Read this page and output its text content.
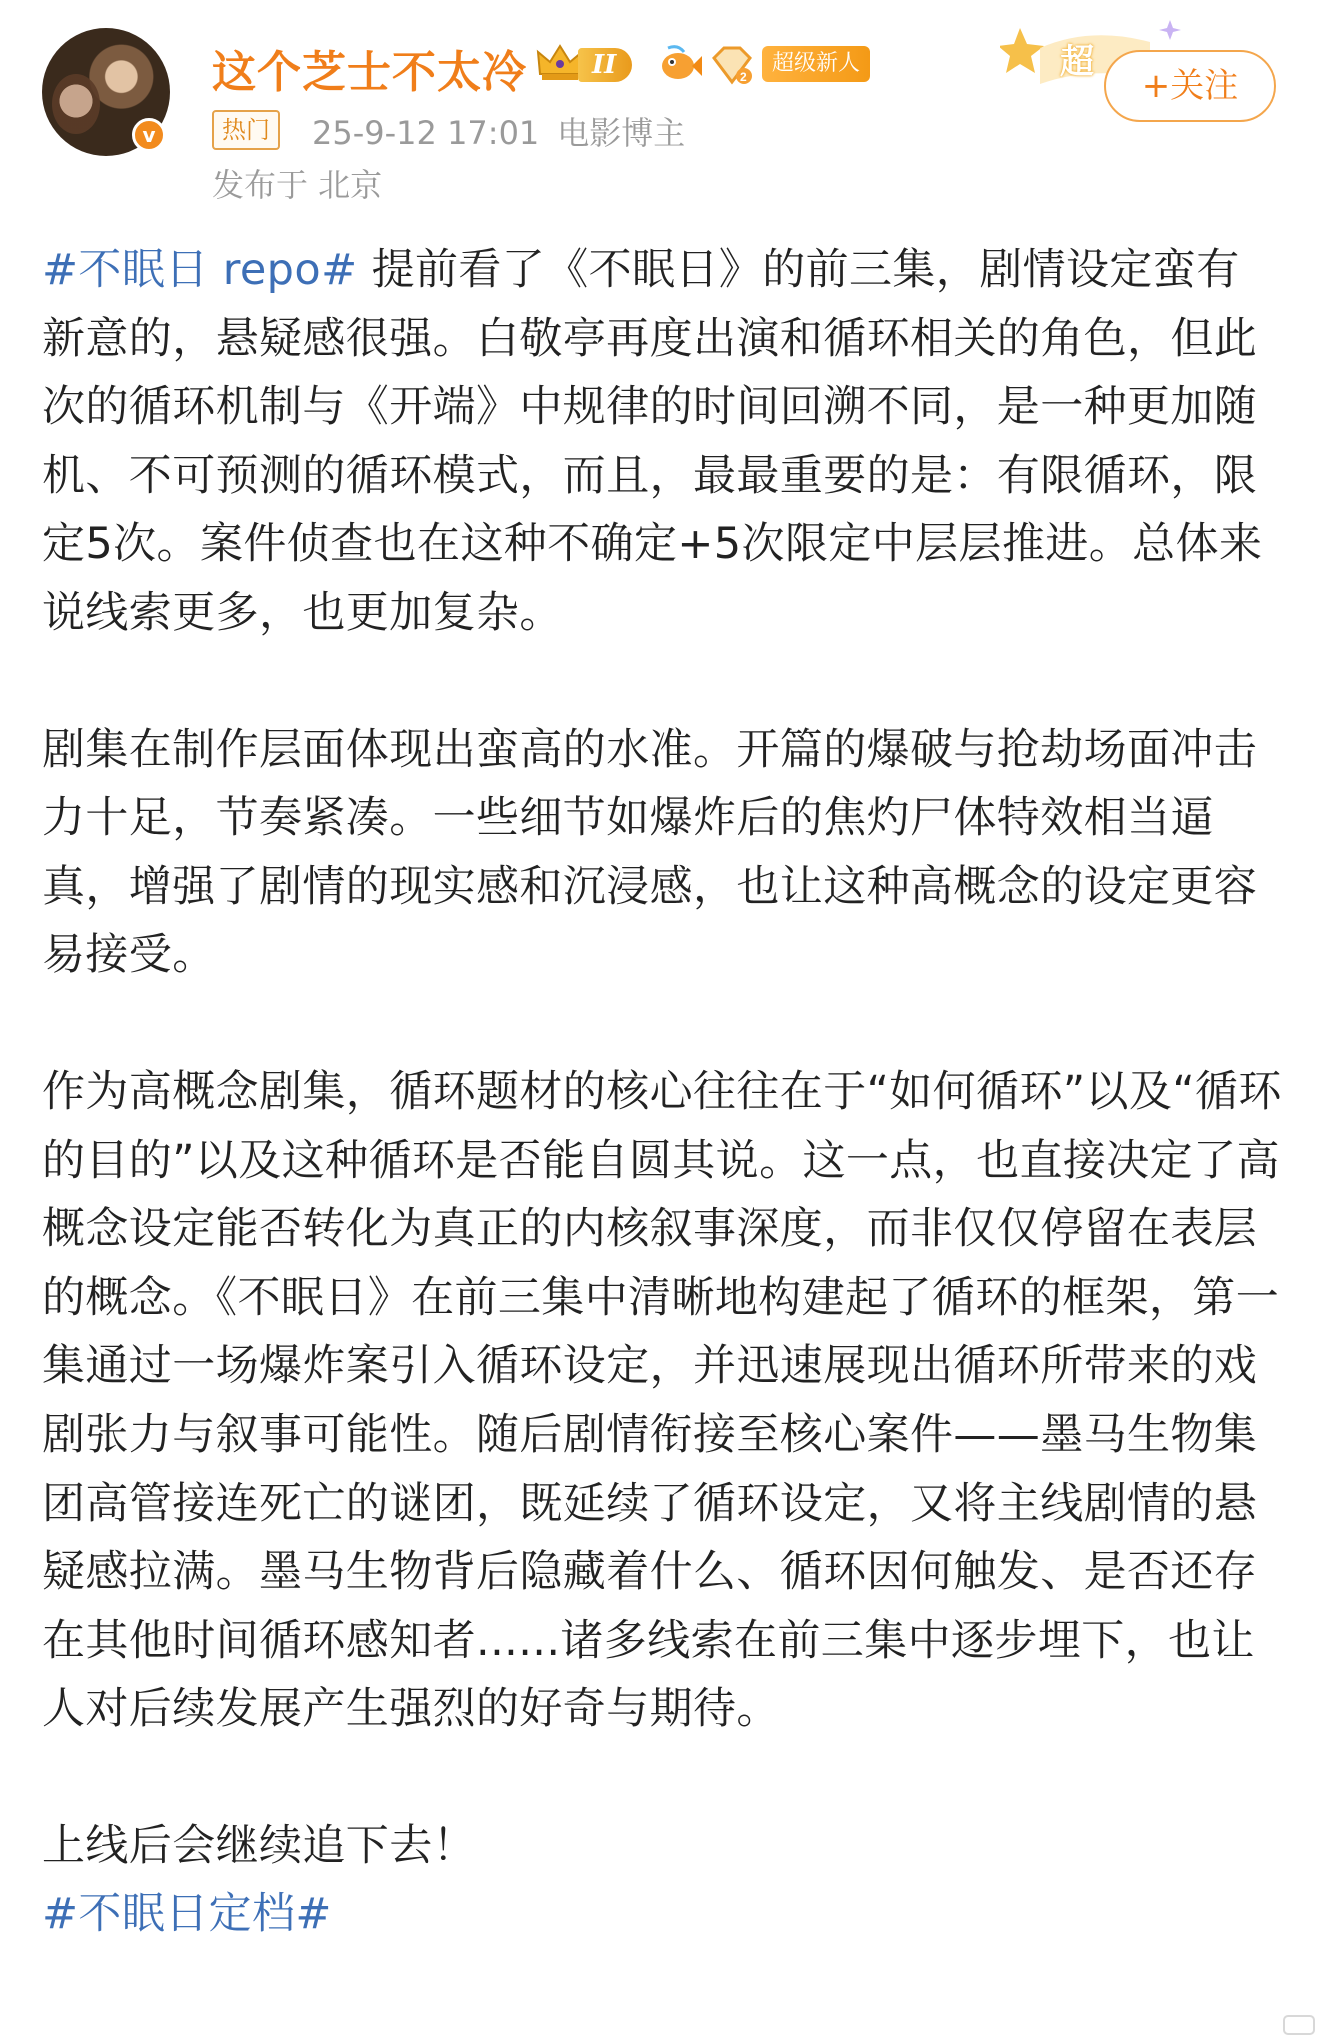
v
这个芝士不太冷	II	2
超级新人
热门	25-9-12 17:01 电影博主
发布于 北京
超
+关注

#不眠日 repo# 提前看了《不眠日》的前三集，剧情设定蛮有新意的，悬疑感很强。白敬亭再度出演和循环相关的角色，但此次的循环机制与《开端》中规律的时间回溯不同，是一种更加随机、不可预测的循环模式，而且，最最重要的是：有限循环，限定5次。案件侦查也在这种不确定+5次限定中层层推进。总体来说线索更多，也更加复杂。

剧集在制作层面体现出蛮高的水准。开篇的爆破与抢劫场面冲击力十足，节奏紧凑。一些细节如爆炸后的焦灼尸体特效相当逼真，增强了剧情的现实感和沉浸感，也让这种高概念的设定更容易接受。

作为高概念剧集，循环题材的核心往往在于“如何循环”以及“循环的目的”以及这种循环是否能自圆其说。这一点，也直接决定了高概念设定能否转化为真正的内核叙事深度，而非仅仅停留在表层的概念。《不眠日》在前三集中清晰地构建起了循环的框架，第一集通过一场爆炸案引入循环设定，并迅速展现出循环所带来的戏剧张力与叙事可能性。随后剧情衔接至核心案件——墨马生物集团高管接连死亡的谜团，既延续了循环设定，又将主线剧情的悬疑感拉满。墨马生物背后隐藏着什么、循环因何触发、是否还存在其他时间循环感知者......诸多线索在前三集中逐步埋下，也让人对后续发展产生强烈的好奇与期待。

上线后会继续追下去！

#不眠日定档#
